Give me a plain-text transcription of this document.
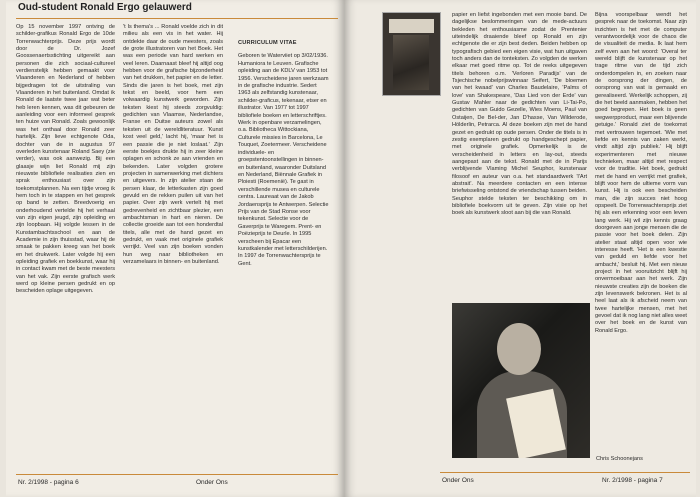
Oud-student Ronald Ergo gelauwerd

Op 15 november 1997 ontving de schilder-grafikus Ronald Ergo de 10de Torrenwachterprijs. Deze prijs wordt door de Dr. Jozef Goossenaertsstichting uitgereikt aan personen die zich sociaal-cultureel verdienstelijk hebben gemaakt voor Vlaanderen en Nederland of hebben bijgedragen tot de uitstraling van Vlaanderen in het buitenland. Omdat ik Ronald de laatste twee jaar wat beter heb leren kennen, was dit gebeuren de aanleiding voor een informeel gesprek ten huize van Ronald. Zoals gewoonlijk was het onthaal door Ronald zeer hartelijk. Zijn lieve echtgenote Oda, dochter van de in augustus 97 overleden kunstenaar Roland Saey (zie verder), was ook aanwezig. Bij een glaasje wijn liet Ronald mij zijn nieuwste bibliofiele realisaties zien en sprak enthousiast over zijn toekomstplannen. Na een tijdje vroeg ik hem toch in te stappen en het gesprek op band te zetten. Breedvoerig en onderhoudend vertelde hij het verhaal van zijn eigen jeugd, zijn opleiding en zijn loopbaan. Hij volgde lessen in de Kunstambachtsschool en aan de Academie in zijn thuisstad, waar hij de smaak te pakken kreeg van het boek en het drukwerk. Later volgde hij een opleiding grafiek en boekkunst, waar hij in contact kwam met de beste meesters van het vak. Zijn eerste grafisch werk werd op kleine persen gedrukt en op bescheiden oplage uitgegeven.

't Is thema's ... Ronald voelde zich in dit milieu als een vis in het water. Hij ontdekte daar de oude meesters, zoals de grote illustratoren van het Boek. Het was een periode van hard werken en veel leren. Daarnaast bleef hij altijd oog hebben voor de grafische bijzonderheid van het drukken, het papier en de letter. Sinds die jaren is het boek, met zijn tekst en beeld, voor hem een volwaardig kunstwerk geworden. Zijn teksten kiest hij steeds zorgvuldig: gedichten van Vlaamse, Nederlandse, Franse en Duitse auteurs zowel als teksten uit de wereldliteratuur. 'Kunst kost veel geld,' lacht hij, 'maar het is een passie die je niet loslaat.' Zijn eerste boekjes drukte hij in zeer kleine oplagen en schonk ze aan vrienden en bekenden. Later volgden grotere projecten in samenwerking met dichters en uitgevers. In zijn atelier staan de persen klaar, de letterkasten zijn goed gevuld en de rekken puilen uit van het papier. Over zijn werk vertelt hij met gedrevenheid en zichtbaar plezier, een ambachtsman in hart en nieren. De collectie groeide aan tot een honderdtal titels, alle met de hand gezet en gedrukt, en vaak met originele grafiek verrijkt. Veel van zijn boeken vonden hun weg naar bibliotheken en verzamelaars in binnen- en buitenland.

CURRICULUM VITAE

Geboren te Waterviiet op 3/02/1936. Humaniora te Leuven. Grafische opleiding aan de KDLV van 1953 tot 1956. Verscheidene jaren werkzaam in de grafische industrie. Sedert 1963 als zelfstandig kunstenaar, schilder-graficus, tekenaar, etser en illustrator. Van 1977 tot 1997 bibliofiele boeken en letterschriftjes. Werk in openbare verzamelingen, o.a. Bibliotheca Wittockiana, Culturele missies in Barcelona, Le Touquet, Zoetermeer. Verscheidene individuele- en groepstentoonstellingen in binnen- en buitenland, waaronder Duitsland en Nederland, Biënnale Grafiek in Ploiesti (Roemenië). Te gast in verschillende musea en culturele centra. Laureaat van de Jakob Jordaensprijs te Antwerpen. Selectie Prijs van de Stad Ronse voor tekenkunst. Selectie voor de Gaverprijs te Waregem. Prent- en Poëzieprijs te Deurle. In 1995 verscheen bij Epacar een kunstkalender met letterschilderijen. In 1997 de Torrenwachtersprijs te Gent.

Nr. 2/1998 - pagina 6	Onder Ons

papier en liefst ingebonden met een mooie band. De dagelijkse beslommeringen van de mede-actuurs bekleden het enthousiasme zodat de Prentenier uiteindelijk draaiende bleef op Ronald en zijn echtgenote die er zijn best deden. Beiden hebben op typografisch gebied een eigen visie, wat hun uitgaven toch anders dan de tonteksten. Zo volgden de werken elkaar met goed ritme op. Tot de reeks uitgegeven titels behoren o.m. 'Verloren Paradijs' van de Tsjechische nobelprijswinnaar Seifert, 'De bloemen van het kwaad' van Charles Baudelaire, 'Palms of love' van Shakespeare, 'Das Lied von der Erde' van Gustav Mahler naar de gedichten van Li-Tai-Po, gedichten van Guido Gezelle, Wies Moens, Paul van Ostaijen, De Bel-der, Jan D'hasse, Van Wilderode, Hölderlin, Petrarca. Al deze boeken zijn met de hand gezet en gedrukt op oude persen. Onder de titels is in zestig exemplaren gedrukt op handgeschept papier, met originele grafiek. Opmerkelijk is de verscheidenheid in letters en lay-out, steeds aangepast aan de tekst. Ronald met de in Parijs verblijvende Vlaming Michel Seuphor, kunstenaar filosoof en auteur van o.a. het standaardwerk 'l'Art abstrait'. Na meerdere contacten en een intense briefwisseling ontstond de vriendschap tussen beiden. Seuphor stelde teksten ter beschikking om in bibliofiele boekvorm uit te geven. Zijn visie op het boek als kunstwerk sloot aan bij die van Ronald.

Bijna voorspelbaar wendt het gesprek naar de toekomst. Naar zijn inzichten is het met de computer verantwoordelijk voor de chaos die de visualiteit de media. Ik laat hem zelf even aan het woord: 'Overal ter wereld blijft de kunstenaar op het trage ritme van de tijd zich onderdompelen in, en zoeken naar de oorsprong der dingen, de oorsprong van wat is gemaakt en gerealiseerd. Werkelijk schoppen, zij die het beeld aanmaken, hebben het goed begrepen. Het boek is geen wegwerpproduct, maar een blijvende getuige.' Ronald ziet de toekomst met vertrouwen tegemoet. 'Wie met liefde en kennis van zaken werkt, vindt altijd zijn publiek.' Hij blijft experimenteren met nieuwe technieken, maar altijd met respect voor de traditie. Het boek, gedrukt met de hand en verrijkt met grafiek, blijft voor hem de ultieme vorm van kunst. Hij is ook een bescheiden man, die zijn succes niet hoog opspeelt. De Torrenwachtersprijs ziet hij als een erkenning voor een leven lang werk. Hij wil zijn kennis graag doorgeven aan jonge mensen die de passie voor het boek delen. Zijn atelier staat altijd open voor wie interesse heeft. 'Het is een kwestie van geduld en liefde voor het ambacht,' besluit hij. Met een nieuw project in het vooruitzicht blijft hij onvermoeibaar aan het werk. Zijn nieuwste creaties zijn de boeken die zijn levenswerk bekronen. Het is al heel laat als ik afscheid neem van twee hartelijke mensen, met het gevoel dat ik nog lang niet alles weet over het boek en de kunst van Ronald Ergo.

Chris Schoonejans
Onder Ons	Nr. 2/1998 - pagina 7
